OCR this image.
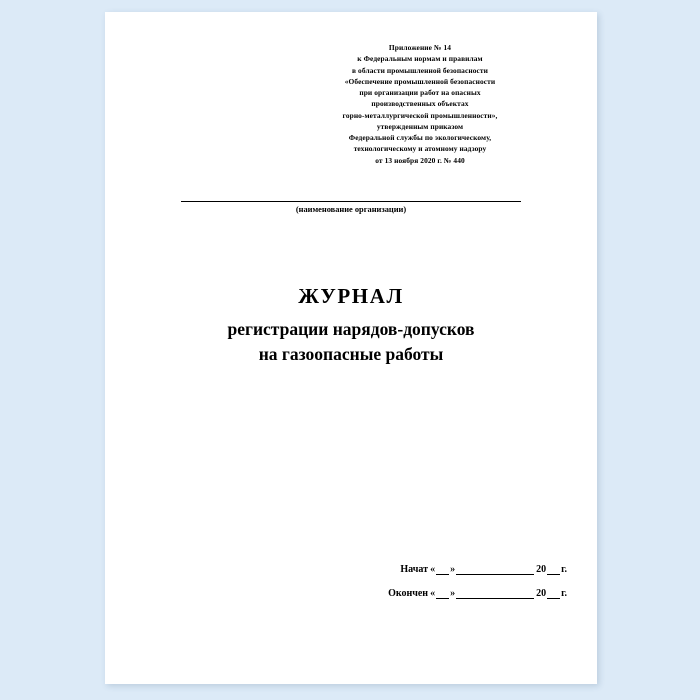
Приложение № 14
к Федеральным нормам и правилам
в области промышленной безопасности
«Обеспечение промышленной безопасности
при организации работ на опасных
производственных объектах
горно-металлургической промышленности»,
утвержденным приказом
Федеральной службы по экологическому,
технологическому и атомному надзору
от 13 ноября 2020 г. № 440
(наименование организации)
ЖУРНАЛ
регистрации нарядов-допусков
на газоопасные работы
Начат « »	20 г.
Окончен « »	20 г.
